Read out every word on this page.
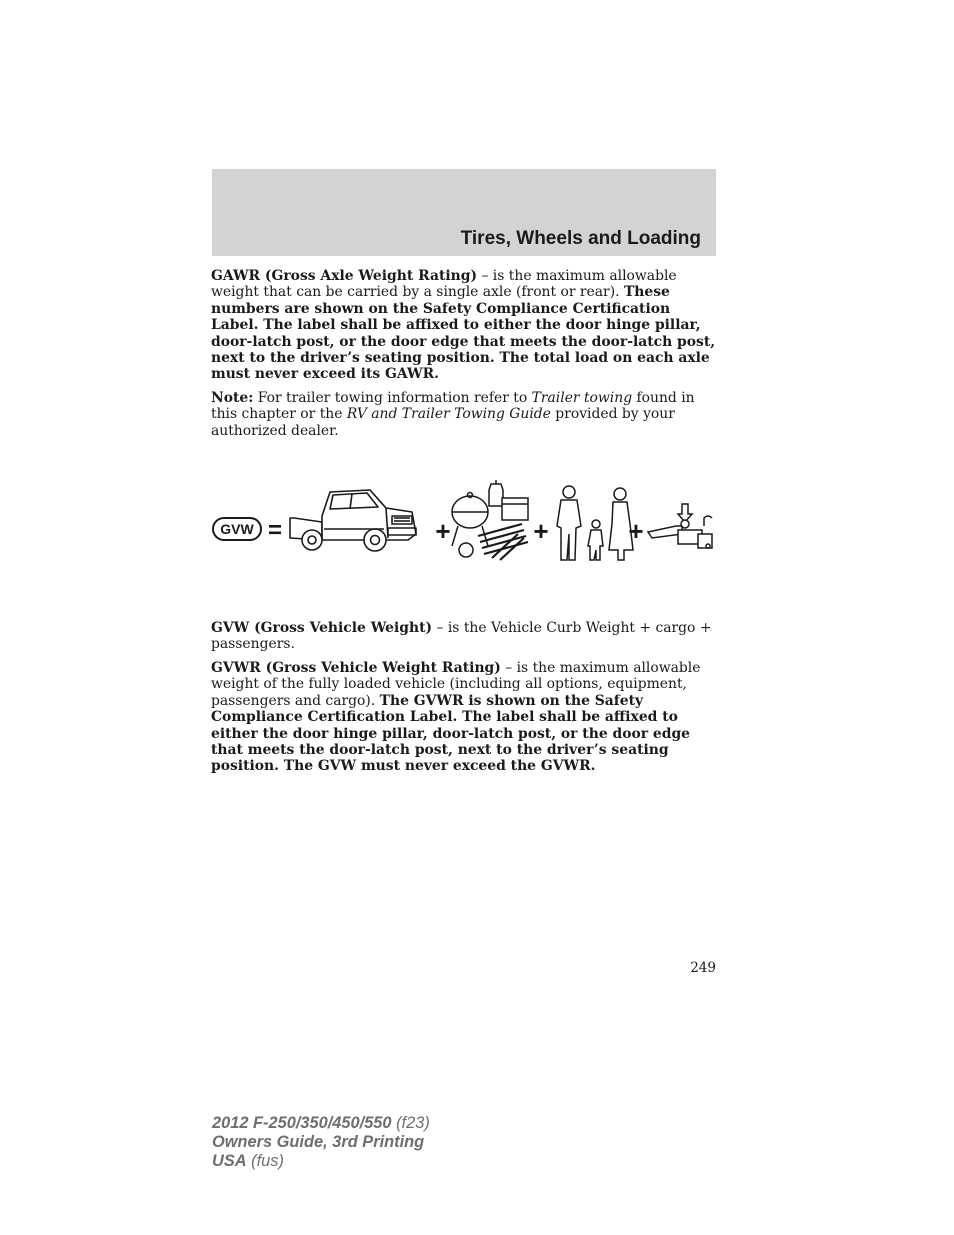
Tires, Wheels and Loading

GAWR (Gross Axle Weight Rating) – is the maximum allowable weight that can be carried by a single axle (front or rear). These numbers are shown on the Safety Compliance Certification Label. The label shall be affixed to either the door hinge pillar, door-latch post, or the door edge that meets the door-latch post, next to the driver’s seating position. The total load on each axle must never exceed its GAWR.

Note: For trailer towing information refer to Trailer towing found in this chapter or the RV and Trailer Towing Guide provided by your authorized dealer.

GVW =	+	+	+

GVW (Gross Vehicle Weight) – is the Vehicle Curb Weight + cargo + passengers.

GVWR (Gross Vehicle Weight Rating) – is the maximum allowable weight of the fully loaded vehicle (including all options, equipment, passengers and cargo). The GVWR is shown on the Safety Compliance Certification Label. The label shall be affixed to either the door hinge pillar, door-latch post, or the door edge that meets the door-latch post, next to the driver’s seating position. The GVW must never exceed the GVWR.

249
2012 F-250/350/450/550 (f23)
Owners Guide, 3rd Printing
USA (fus)
